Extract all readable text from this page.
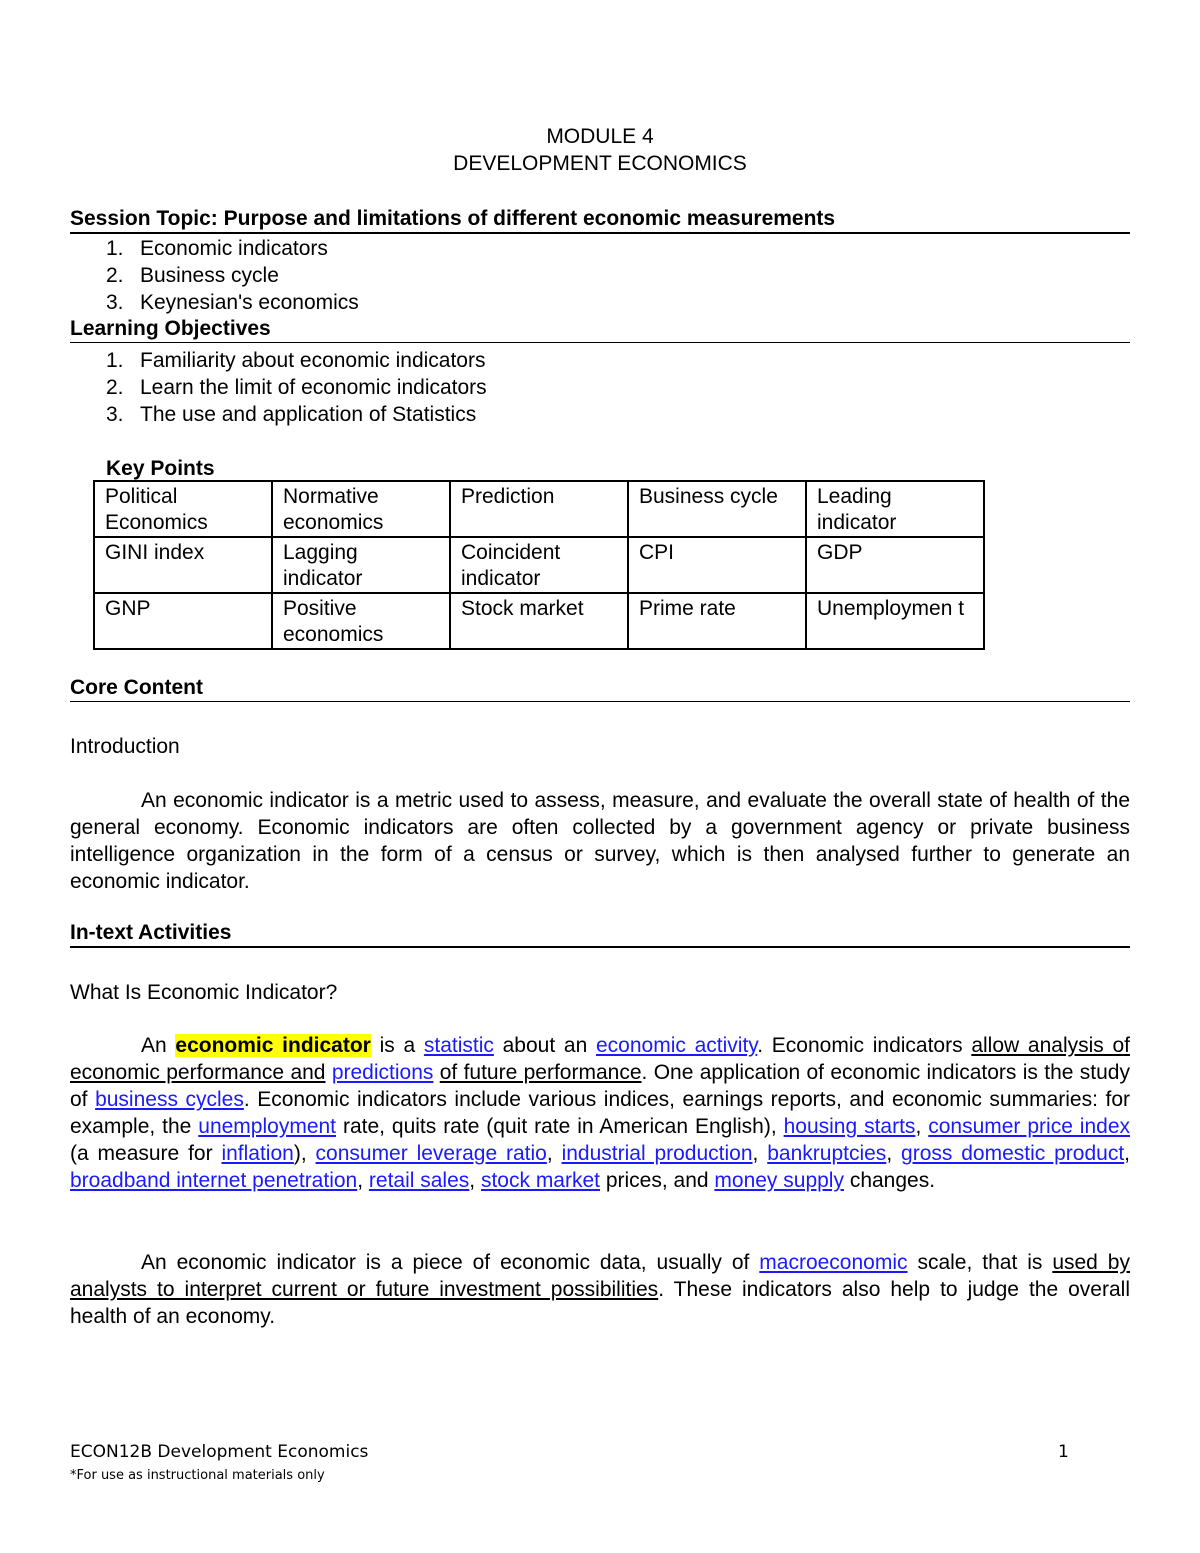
MODULE 4
DEVELOPMENT ECONOMICS
Session Topic: Purpose and limitations of different economic measurements
1. Economic indicators
2. Business cycle
3. Keynesian's economics
Learning Objectives
1. Familiarity about economic indicators
2. Learn the limit of economic indicators
3. The use and application of Statistics
Key Points
Political Economics	Normative economics	Prediction	Business cycle	Leading indicator
GINI index	Lagging indicator	Coincident indicator	CPI	GDP
GNP	Positive economics	Stock market	Prime rate	Unemploymen t
Core Content
Introduction
An economic indicator is a metric used to assess, measure, and evaluate the overall state of health of the general economy. Economic indicators are often collected by a government agency or private business intelligence organization in the form of a census or survey, which is then analysed further to generate an economic indicator.
In-text Activities
What Is Economic Indicator?
An economic indicator is a statistic about an economic activity. Economic indicators allow analysis of economic performance and predictions of future performance. One application of economic indicators is the study of business cycles. Economic indicators include various indices, earnings reports, and economic summaries: for example, the unemployment rate, quits rate (quit rate in American English), housing starts, consumer price index (a measure for inflation), consumer leverage ratio, industrial production, bankruptcies, gross domestic product, broadband internet penetration, retail sales, stock market prices, and money supply changes.
An economic indicator is a piece of economic data, usually of macroeconomic scale, that is used by analysts to interpret current or future investment possibilities. These indicators also help to judge the overall health of an economy.
ECON12B Development Economics	1
*For use as instructional materials only
